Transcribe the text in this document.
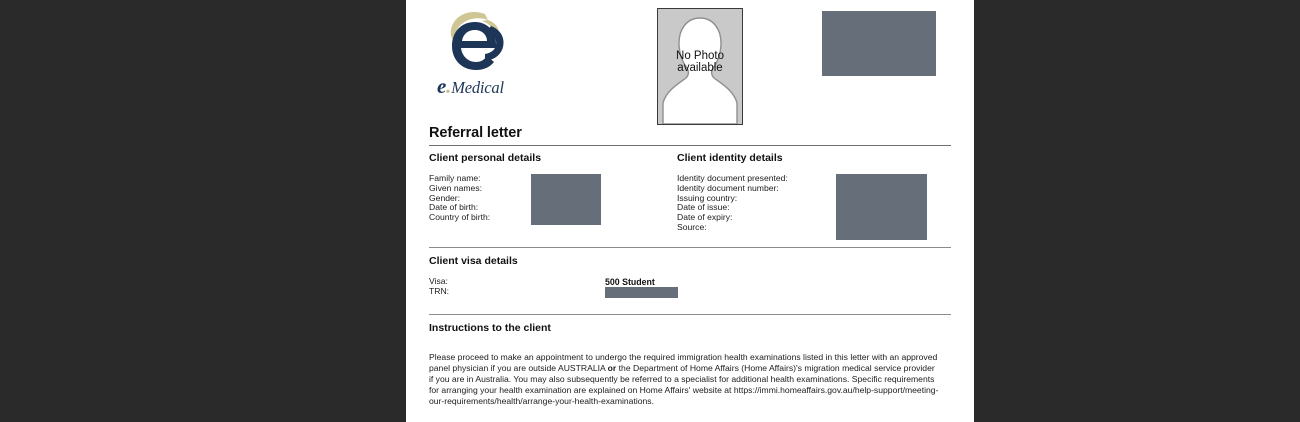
e.Medical
No Photo
available
Referral letter
Client personal details	Client identity details
Family name:
Given names:
Gender:
Date of birth:
Country of birth:
Identity document presented:
Identity document number:
Issuing country:
Date of issue:
Date of expiry:
Source:
Client visa details
Visa:
TRN:
500 Student
Instructions to the client

Please proceed to make an appointment to undergo the required immigration health examinations listed in this letter with an approved panel physician if you are outside AUSTRALIA or the Department of Home Affairs (Home Affairs)'s migration medical service provider if you are in Australia. You may also subsequently be referred to a specialist for additional health examinations. Specific requirements for arranging your health examination are explained on Home Affairs' website at https://immi.homeaffairs.gov.au/help-support/meeting-our-requirements/health/arrange-your-health-examinations.
